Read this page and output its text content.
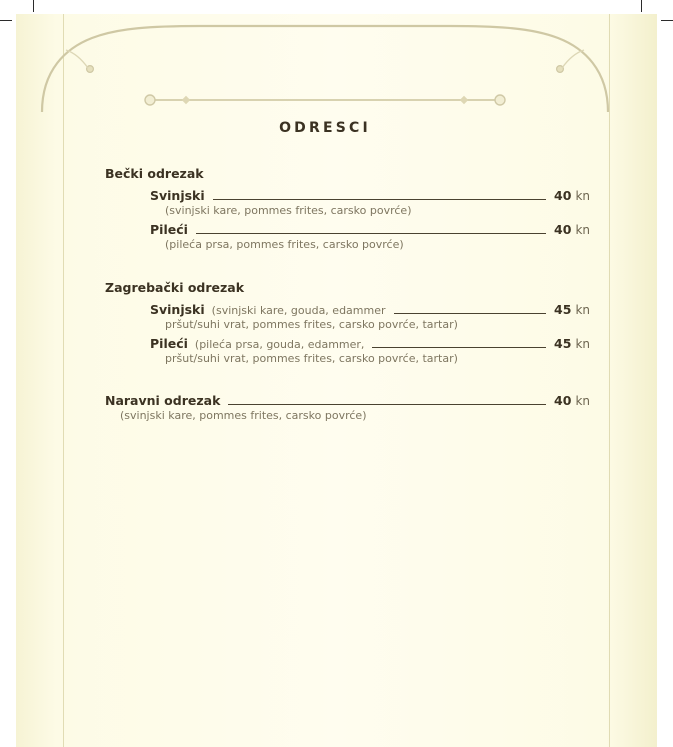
ODRESCI
Bečki odrezak
Svinjski	40 kn
(svinjski kare, pommes frites, carsko povrće)
Pileći	40 kn
(pileća prsa, pommes frites, carsko povrće)
Zagrebački odrezak
Svinjski (svinjski kare, gouda, edammer	45 kn
pršut/suhi vrat, pommes frites, carsko povrće, tartar)
Pileći (pileća prsa, gouda, edammer,	45 kn
pršut/suhi vrat, pommes frites, carsko povrće, tartar)
Naravni odrezak	40 kn
(svinjski kare, pommes frites, carsko povrće)
